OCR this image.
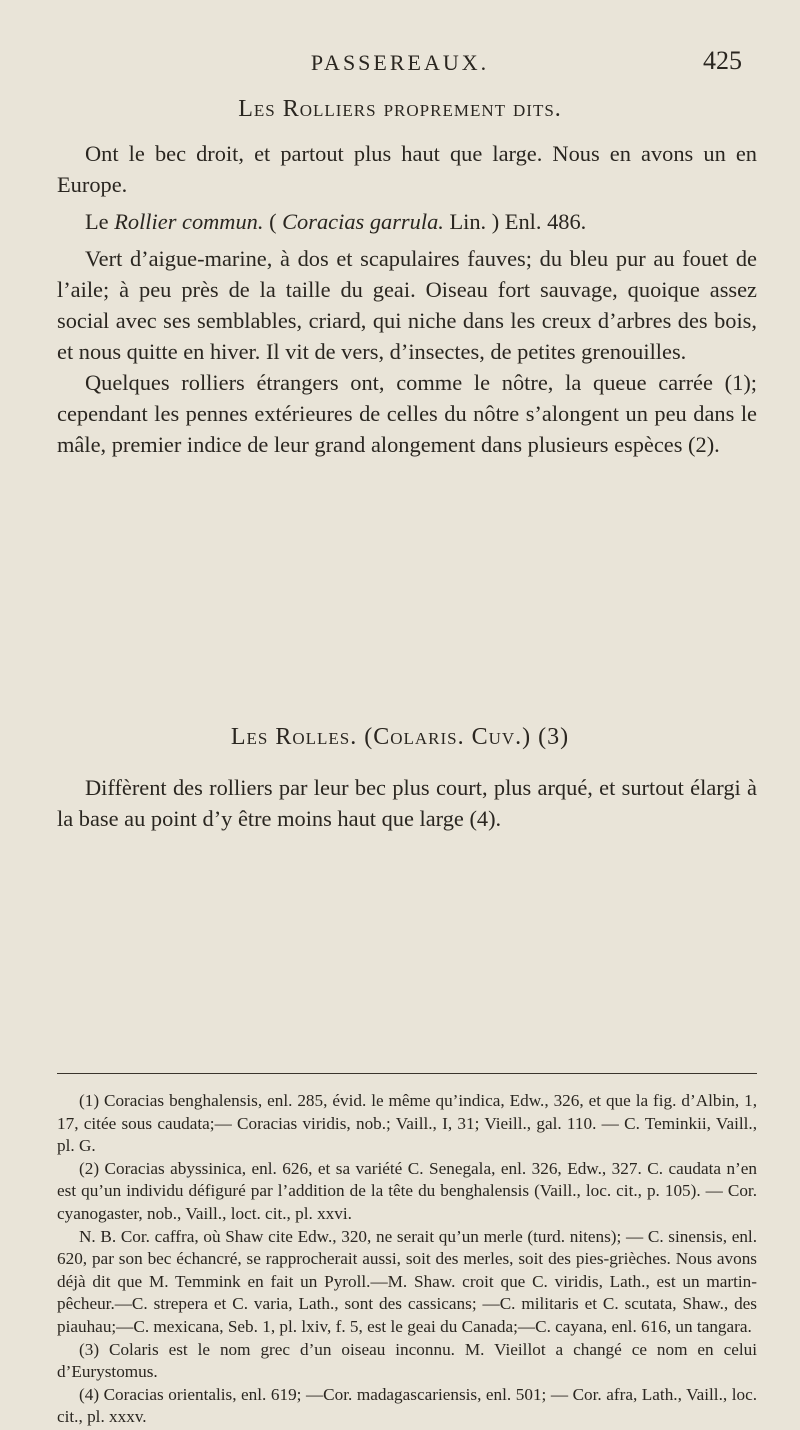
PASSEREAUX.	425
Les Rolliers proprement dits.

Ont le bec droit, et partout plus haut que large. Nous en avons un en Europe.

Le Rollier commun. ( Coracias garrula. Lin. ) Enl. 486.

Vert d’aigue-marine, à dos et scapulaires fauves; du bleu pur au fouet de l’aile; à peu près de la taille du geai. Oiseau fort sauvage, quoique assez social avec ses semblables, criard, qui niche dans les creux d’arbres des bois, et nous quitte en hiver. Il vit de vers, d’insectes, de petites grenouilles.

Quelques rolliers étrangers ont, comme le nôtre, la queue carrée (1); cependant les pennes extérieures de celles du nôtre s’alongent un peu dans le mâle, premier indice de leur grand alongement dans plusieurs espèces (2).

Les Rolles. (Colaris. Cuv.) (3)

Diffèrent des rolliers par leur bec plus court, plus arqué, et surtout élargi à la base au point d’y être moins haut que large (4).

(1) Coracias benghalensis, enl. 285, évid. le même qu’indica, Edw., 326, et que la fig. d’Albin, 1, 17, citée sous caudata;— Coracias viridis, nob.; Vaill., I, 31; Vieill., gal. 110. — C. Teminkii, Vaill., pl. G.

(2) Coracias abyssinica, enl. 626, et sa variété C. Senegala, enl. 326, Edw., 327. C. caudata n’en est qu’un individu défiguré par l’addition de la tête du benghalensis (Vaill., loc. cit., p. 105). — Cor. cyanogaster, nob., Vaill., loct. cit., pl. xxvi.

N. B. Cor. caffra, où Shaw cite Edw., 320, ne serait qu’un merle (turd. nitens); — C. sinensis, enl. 620, par son bec échancré, se rapprocherait aussi, soit des merles, soit des pies-grièches. Nous avons déjà dit que M. Temmink en fait un Pyroll.—M. Shaw. croit que C. viridis, Lath., est un martin-pêcheur.—C. strepera et C. varia, Lath., sont des cassicans; —C. militaris et C. scutata, Shaw., des piauhau;—C. mexicana, Seb. 1, pl. lxiv, f. 5, est le geai du Canada;—C. cayana, enl. 616, un tangara.

(3) Colaris est le nom grec d’un oiseau inconnu. M. Vieillot a changé ce nom en celui d’Eurystomus.

(4) Coracias orientalis, enl. 619; —Cor. madagascariensis, enl. 501; — Cor. afra, Lath., Vaill., loc. cit., pl. xxxv.
